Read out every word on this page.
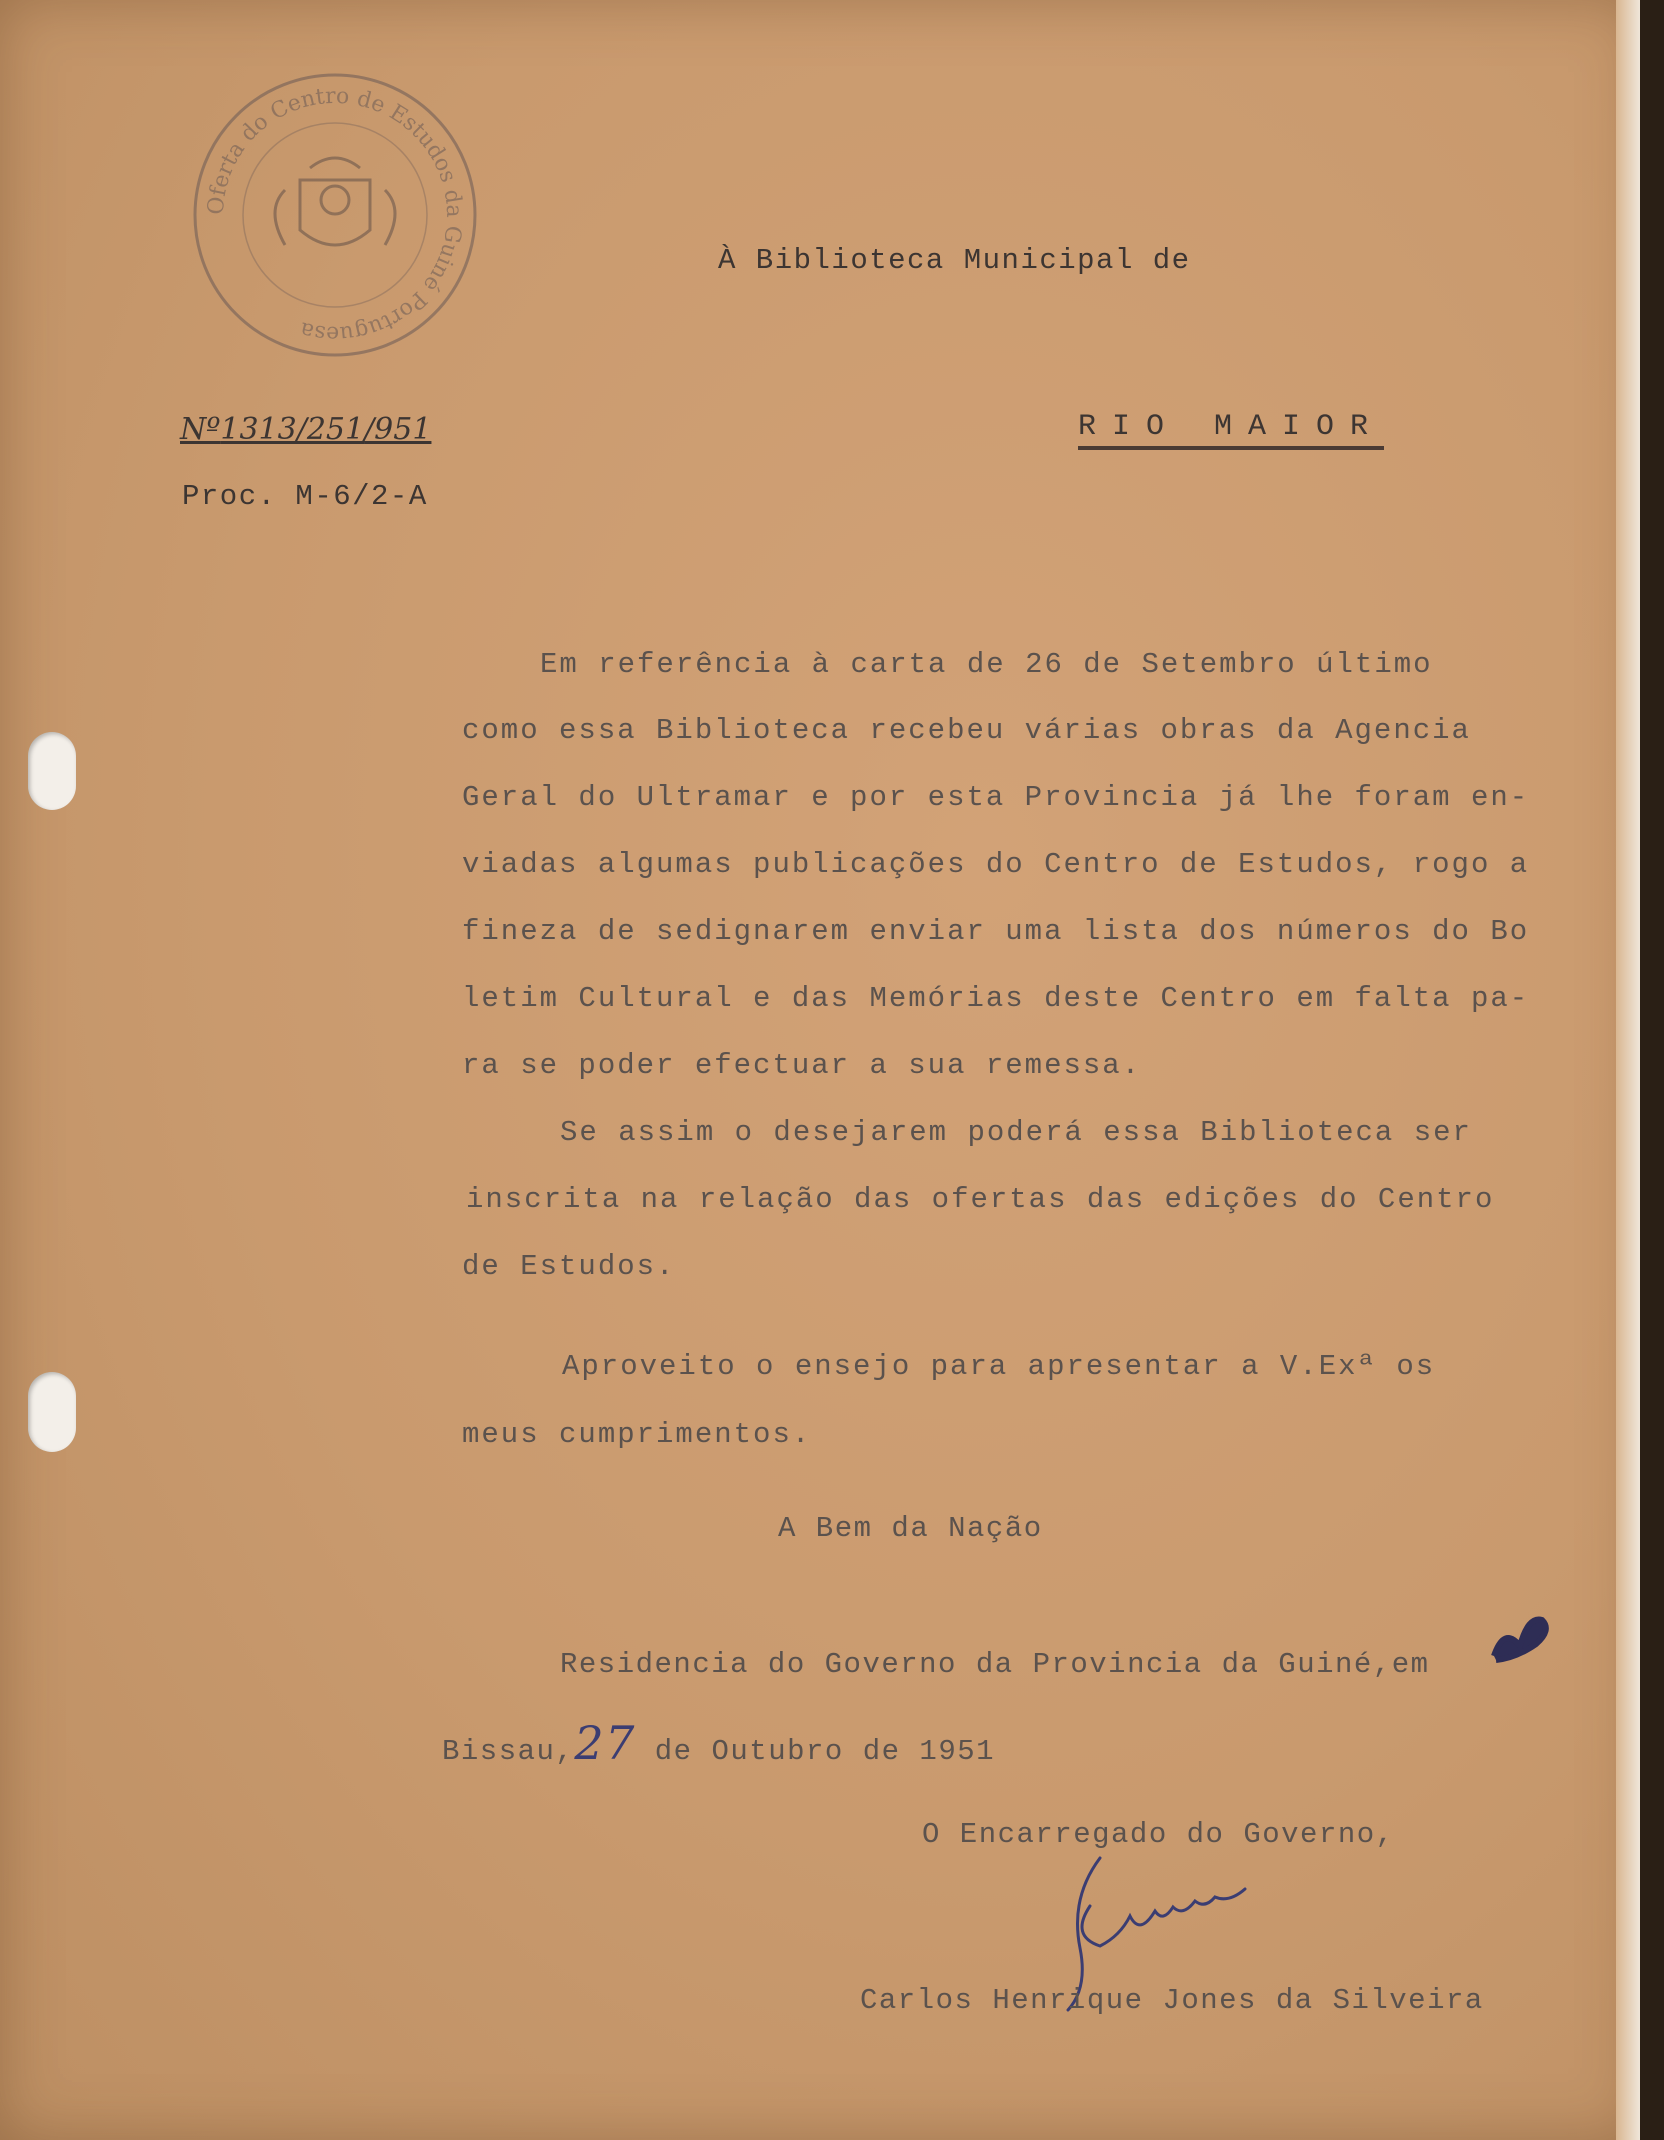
Oferta do Centro de Estudos da Guiné Portuguesa
À Biblioteca Municipal de
RIO MAIOR
Nº1313/251/951
Proc. M-6/2-A
Em referência à carta de 26 de Setembro último
como essa Biblioteca recebeu várias obras da Agencia
Geral do Ultramar e por esta Provincia já lhe foram en-
viadas algumas publicações do Centro de Estudos, rogo a
fineza de sedignarem enviar uma lista dos números do Bo
letim Cultural e das Memórias deste Centro em falta pa-
ra se poder efectuar a sua remessa.
Se assim o desejarem poderá essa Biblioteca ser
inscrita na relação das ofertas das edições do Centro
de Estudos.
Aproveito o ensejo para apresentar a V.Exª os
meus cumprimentos.
A Bem da Nação
Residencia do Governo da Provincia da Guiné,em
Bissau,27 de Outubro de 1951
O Encarregado do Governo,
Carlos Henrique Jones da Silveira
